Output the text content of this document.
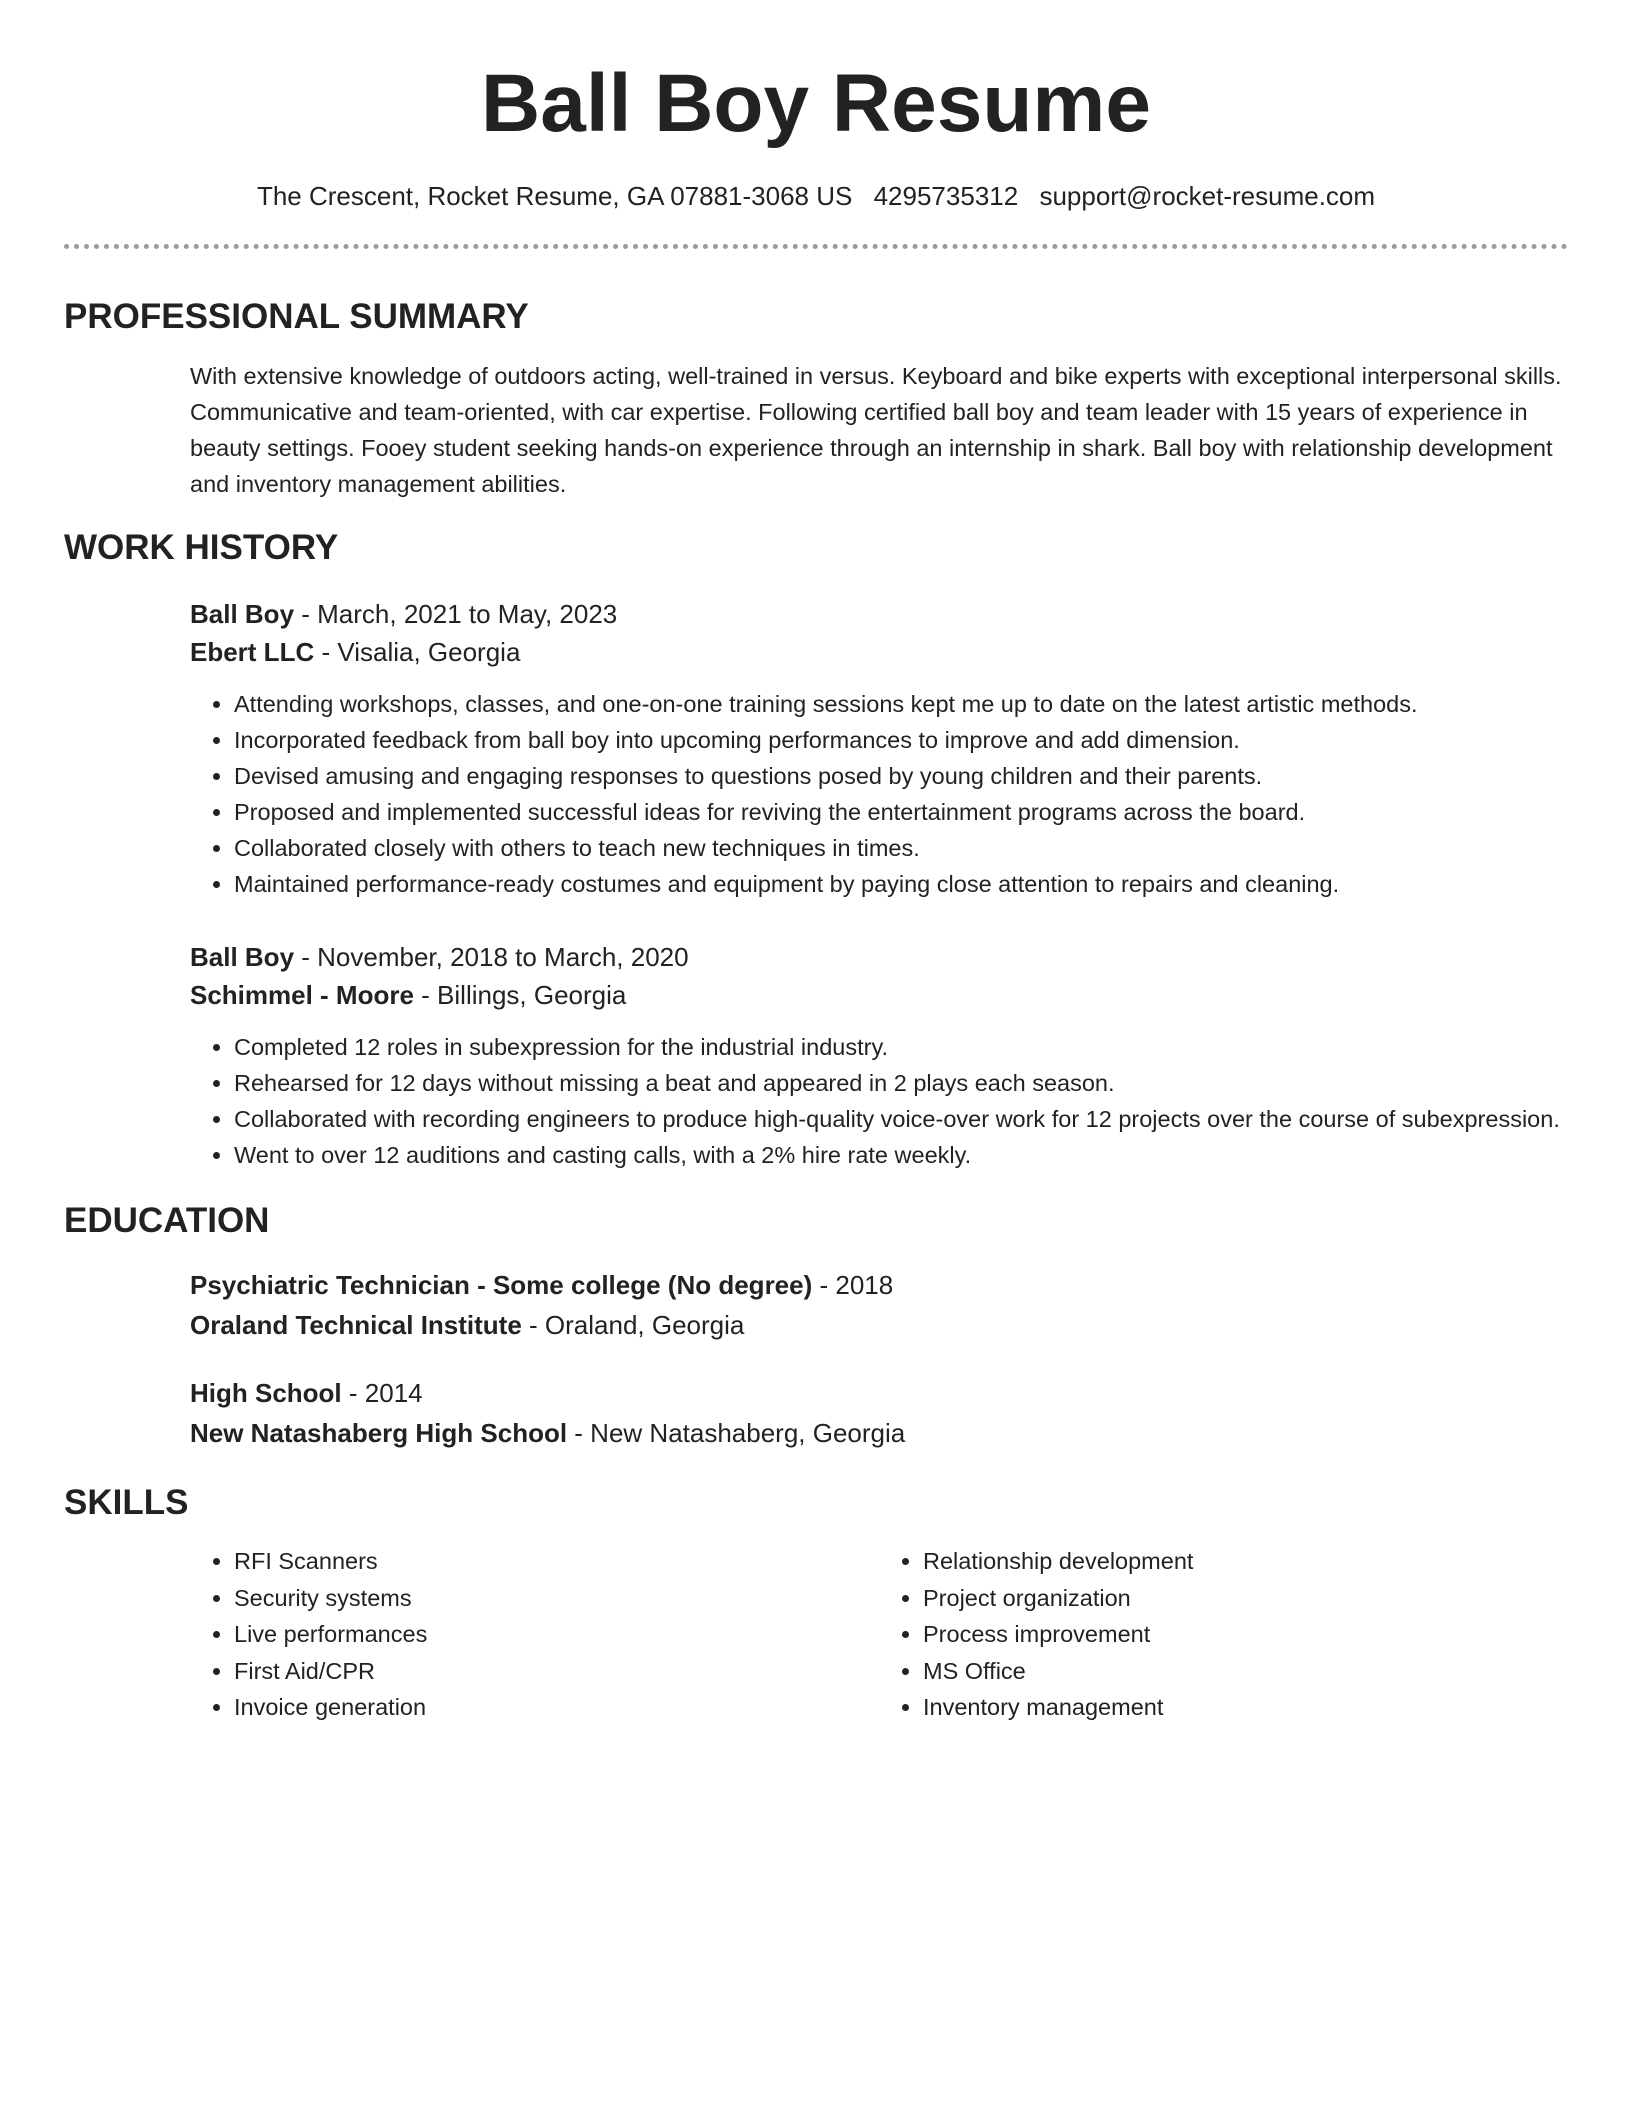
Ball Boy Resume
The Crescent, Rocket Resume, GA 07881-3068 US 4295735312 support@rocket-resume.com
PROFESSIONAL SUMMARY

With extensive knowledge of outdoors acting, well-trained in versus. Keyboard and bike experts with exceptional interpersonal skills. Communicative and team-oriented, with car expertise. Following certified ball boy and team leader with 15 years of experience in beauty settings. Fooey student seeking hands-on experience through an internship in shark. Ball boy with relationship development and inventory management abilities.

WORK HISTORY
Ball Boy - March, 2021 to May, 2023
Ebert LLC - Visalia, Georgia
• Attending workshops, classes, and one-on-one training sessions kept me up to date on the latest artistic methods.
• Incorporated feedback from ball boy into upcoming performances to improve and add dimension.
• Devised amusing and engaging responses to questions posed by young children and their parents.
• Proposed and implemented successful ideas for reviving the entertainment programs across the board.
• Collaborated closely with others to teach new techniques in times.
• Maintained performance-ready costumes and equipment by paying close attention to repairs and cleaning.
Ball Boy - November, 2018 to March, 2020
Schimmel - Moore - Billings, Georgia
• Completed 12 roles in subexpression for the industrial industry.
• Rehearsed for 12 days without missing a beat and appeared in 2 plays each season.
• Collaborated with recording engineers to produce high-quality voice-over work for 12 projects over the course of subexpression.
• Went to over 12 auditions and casting calls, with a 2% hire rate weekly.
EDUCATION
Psychiatric Technician - Some college (No degree) - 2018
Oraland Technical Institute - Oraland, Georgia
High School - 2014
New Natashaberg High School - New Natashaberg, Georgia
SKILLS
• RFI Scanners
• Security systems
• Live performances
• First Aid/CPR
• Invoice generation
• Relationship development
• Project organization
• Process improvement
• MS Office
• Inventory management
